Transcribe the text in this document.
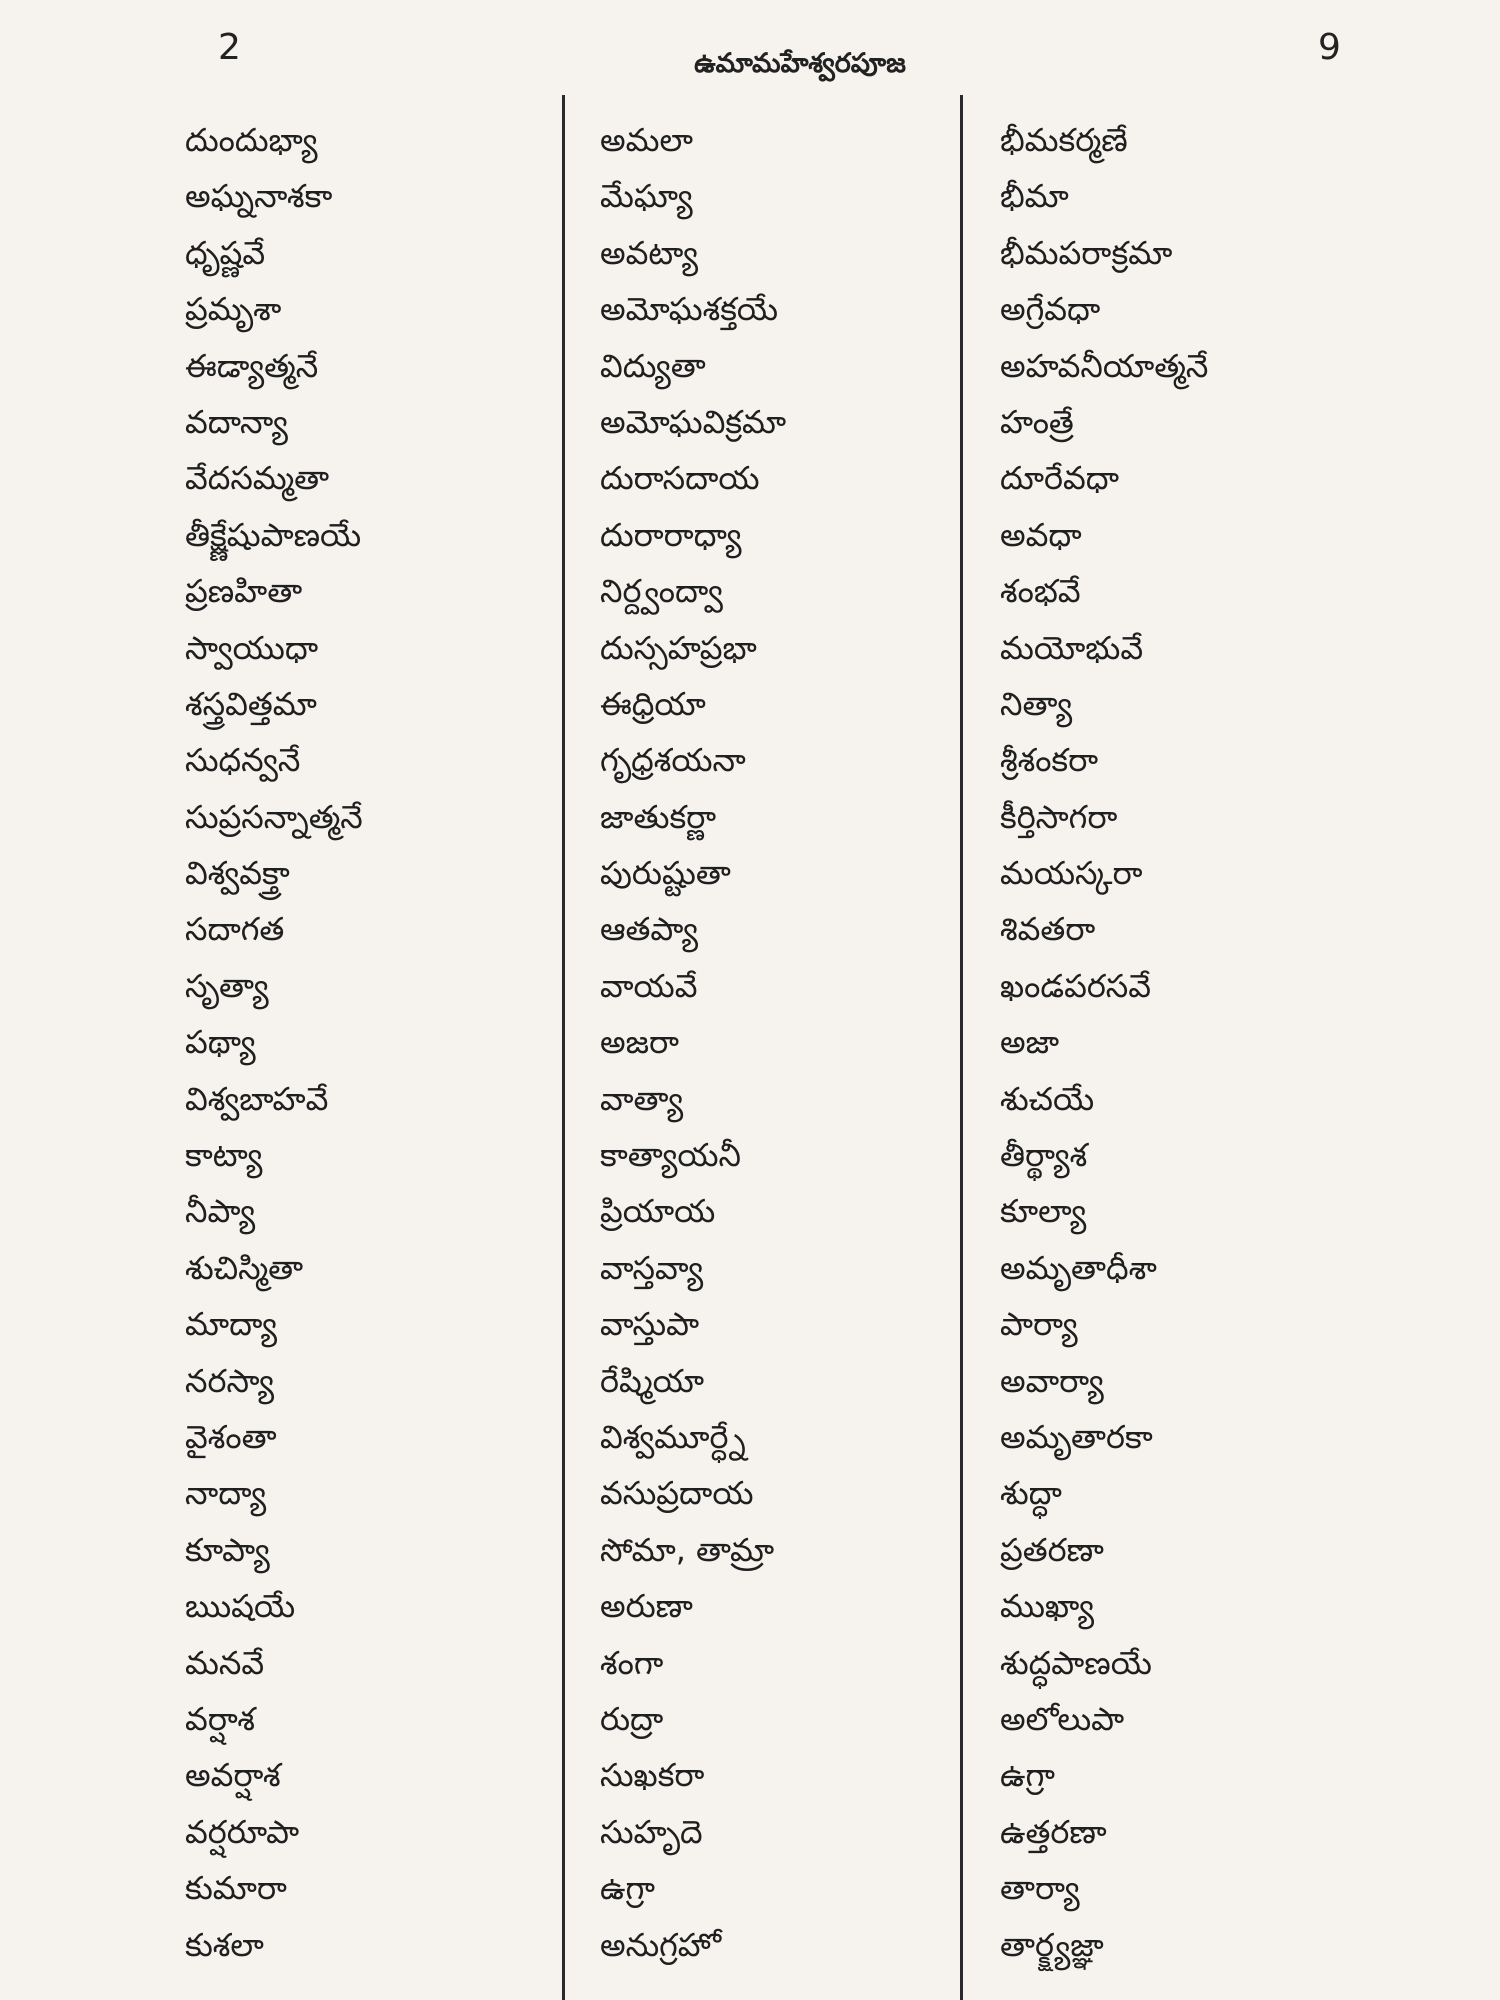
2	ఉమామహేశ్వరపూజ	9
దుందుభ్యా
అఘ్ననాశకా
ధృష్ణవే
ప్రమృశా
ఈడ్యాత్మనే
వదాన్యా
వేదసమ్మతా
తీక్ష్ణేషుపాణయే
ప్రణహితా
స్వాయుధా
శస్త్రవిత్తమా
సుధన్వనే
సుప్రసన్నాత్మనే
విశ్వవక్త్రా
సదాగత
సృత్యా
పథ్యా
విశ్వబాహవే
కాట్యా
నీప్యా
శుచిస్మితా
మాద్యా
నరస్యా
వైశంతా
నాద్యా
కూప్యా
ఋషయే
మనవే
వర్షాశ
అవర్షాశ
వర్షరూపా
కుమారా
కుశలా
అమలా
మేఘ్యా
అవట్యా
అమోఘశక్తయే
విద్యుతా
అమోఘవిక్రమా
దురాసదాయ
దురారాధ్యా
నిర్ద్వంద్వా
దుస్సహప్రభా
ఈధ్రియా
గృధ్రశయనా
జాతుకర్ణా
పురుష్టుతా
ఆతప్యా
వాయవే
అజరా
వాత్యా
కాత్యాయనీ
ప్రియాయ
వాస్తవ్యా
వాస్తుపా
రేష్మియా
విశ్వమూర్ధ్నే
వసుప్రదాయ
సోమా, తామ్రా
అరుణా
శంగా
రుద్రా
సుఖకరా
సుహృదె
ఉగ్రా
అనుగ్రహో
భీమకర్మణే
భీమా
భీమపరాక్రమా
అగ్రేవధా
అహవనీయాత్మనే
హంత్రే
దూరేవధా
అవధా
శంభవే
మయోభువే
నిత్యా
శ్రీశంకరా
కీర్తిసాగరా
మయస్కరా
శివతరా
ఖండపరసవే
అజా
శుచయే
తీర్థ్యాశ
కూల్యా
అమృతాధీశా
పార్యా
అవార్యా
అమృతారకా
శుద్ధా
ప్రతరణా
ముఖ్యా
శుద్ధపాణయే
అలోలుపా
ఉగ్రా
ఉత్తరణా
తార్యా
తార్క్ష్యజ్ఞా
